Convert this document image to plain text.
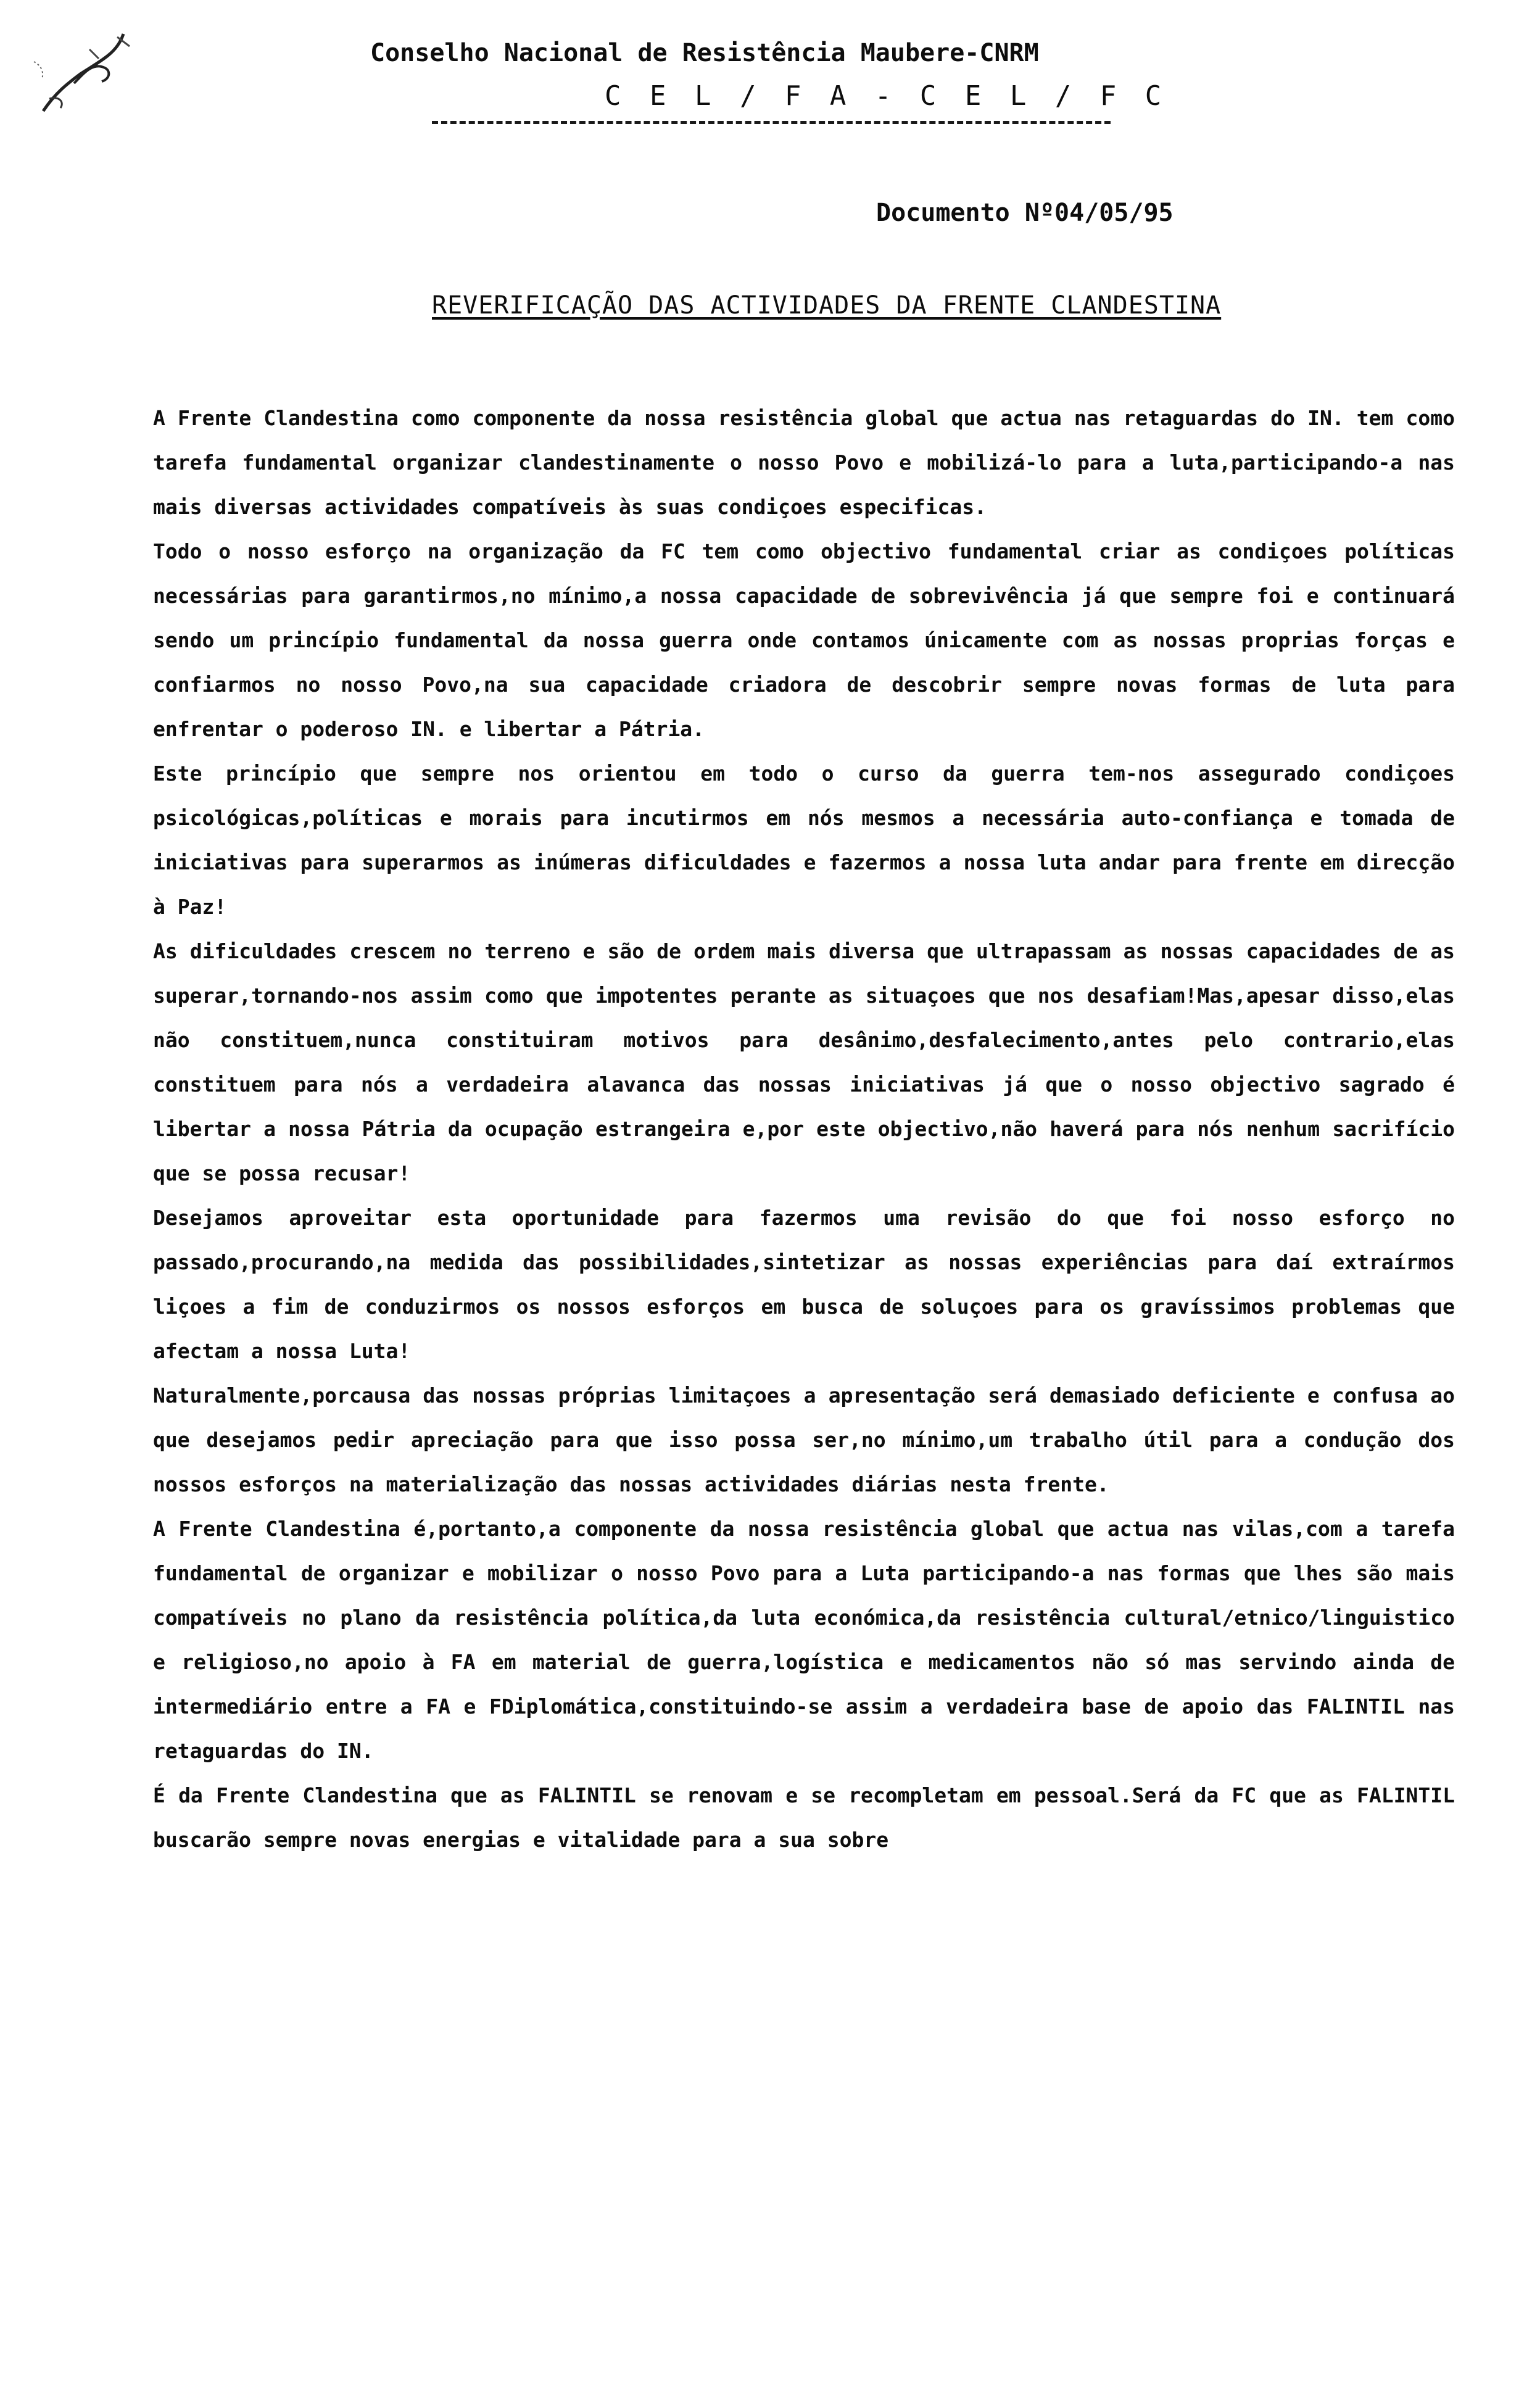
Conselho Nacional de Resistência Maubere-CNRM
C E L / F A - C E L / F C
Documento Nº04/05/95
REVERIFICAÇÃO DAS ACTIVIDADES DA FRENTE CLANDESTINA

A Frente Clandestina como componente da nossa resistência global que actua nas retaguardas do IN. tem como tarefa fundamental organizar clandestinamente o nosso Povo e mobilizá-lo para a luta,participando-a nas mais diversas actividades compatíveis às suas condiçoes especificas.

Todo o nosso esforço na organização da FC tem como objectivo fundamental criar as condiçoes políticas necessárias para garantirmos,no mínimo,a nossa capacidade de sobrevivência já que sempre foi e continuará sendo um princípio fundamental da nossa guerra onde contamos únicamente com as nossas proprias forças e confiarmos no nosso Povo,na sua capacidade criadora de descobrir sempre novas formas de luta para enfrentar o poderoso IN. e libertar a Pátria.

Este princípio que sempre nos orientou em todo o curso da guerra tem-nos assegurado condiçoes psicológicas,políticas e morais para incutirmos em nós mesmos a necessária auto-confiança e tomada de iniciativas para superarmos as inúmeras dificuldades e fazermos a nossa luta andar para frente em direcção à Paz!

As dificuldades crescem no terreno e são de ordem mais diversa que ultrapassam as nossas capacidades de as superar,tornando-nos assim como que impotentes perante as situaçoes que nos desafiam!Mas,apesar disso,elas não constituem,nunca constituiram motivos para desânimo,desfalecimento,antes pelo contrario,elas constituem para nós a verdadeira alavanca das nossas iniciativas já que o nosso objectivo sagrado é libertar a nossa Pátria da ocupação estrangeira e,por este objectivo,não haverá para nós nenhum sacrifício que se possa recusar!

Desejamos aproveitar esta oportunidade para fazermos uma revisão do que foi nosso esforço no passado,procurando,na medida das possibilidades,sintetizar as nossas experiências para daí extraírmos liçoes a fim de conduzirmos os nossos esforços em busca de soluçoes para os gravíssimos problemas que afectam a nossa Luta!

Naturalmente,porcausa das nossas próprias limitaçoes a apresentação será demasiado deficiente e confusa ao que desejamos pedir apreciação para que isso possa ser,no mínimo,um trabalho útil para a condução dos nossos esforços na materialização das nossas actividades diárias nesta frente.

A Frente Clandestina é,portanto,a componente da nossa resistência global que actua nas vilas,com a tarefa fundamental de organizar e mobilizar o nosso Povo para a Luta participando-a nas formas que lhes são mais compatíveis no plano da resistência política,da luta económica,da resistência cultural/etnico/linguistico e religioso,no apoio à FA em material de guerra,logística e medicamentos não só mas servindo ainda de intermediário entre a FA e FDiplomática,constituindo-se assim a verdadeira base de apoio das FALINTIL nas retaguardas do IN.

É da Frente Clandestina que as FALINTIL se renovam e se recompletam em pessoal.Será da FC que as FALINTIL buscarão sempre novas energias e vitalidade para a sua sobre
